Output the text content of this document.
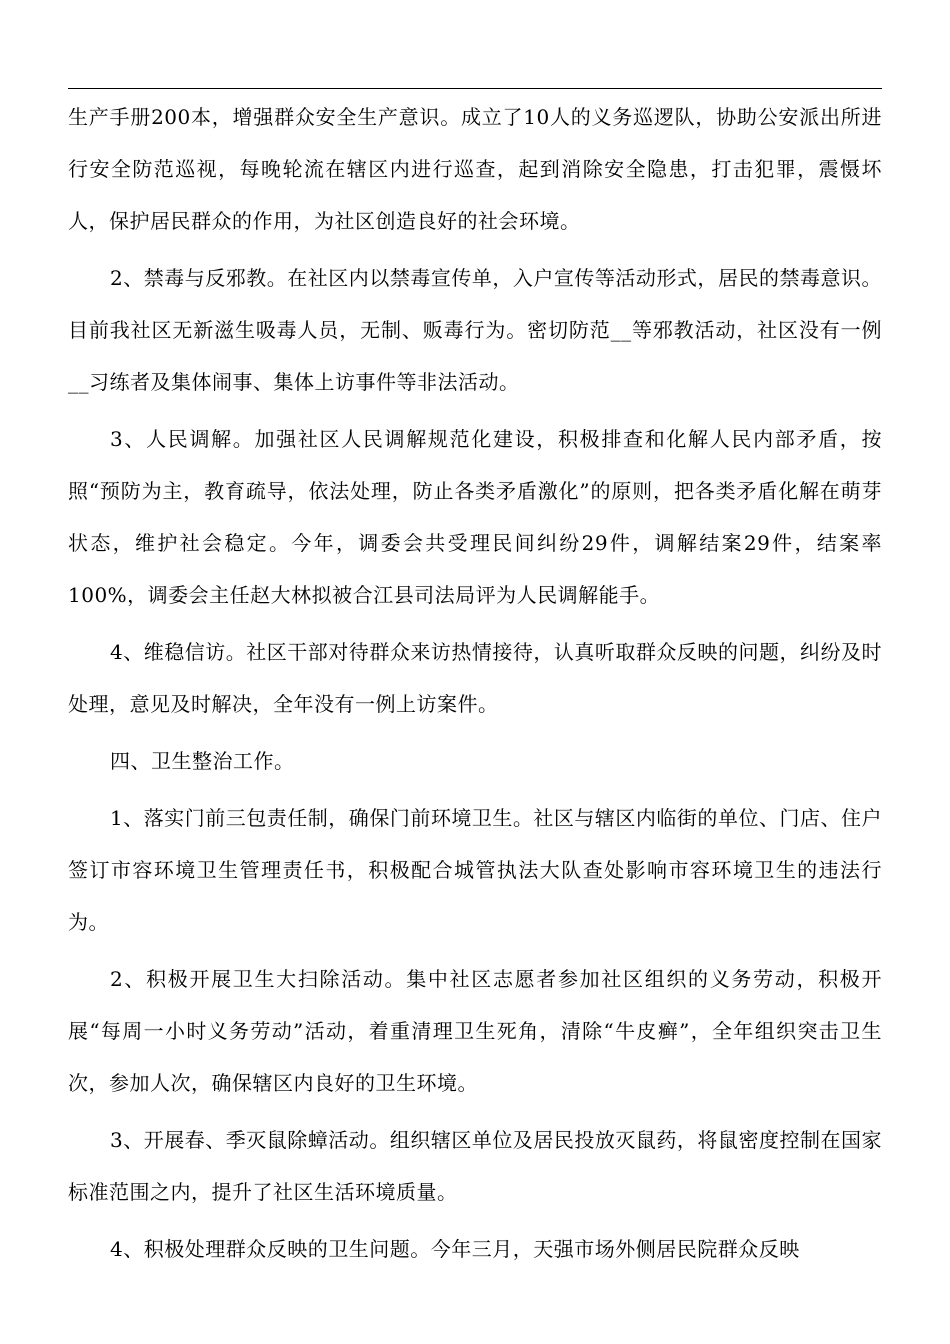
生产手册200本，增强群众安全生产意识。成立了10人的义务巡逻队，协助公安派出所进行安全防范巡视，每晚轮流在辖区内进行巡查，起到消除安全隐患，打击犯罪，震慑坏人，保护居民群众的作用，为社区创造良好的社会环境。

2、禁毒与反邪教。在社区内以禁毒宣传单，入户宣传等活动形式，居民的禁毒意识。目前我社区无新滋生吸毒人员，无制、贩毒行为。密切防范__等邪教活动，社区没有一例__习练者及集体闹事、集体上访事件等非法活动。

3、人民调解。加强社区人民调解规范化建设，积极排查和化解人民内部矛盾，按照“预防为主，教育疏导，依法处理，防止各类矛盾激化”的原则，把各类矛盾化解在萌芽状态，维护社会稳定。今年，调委会共受理民间纠纷29件，调解结案29件，结案率100%，调委会主任赵大林拟被合江县司法局评为人民调解能手。

4、维稳信访。社区干部对待群众来访热情接待，认真听取群众反映的问题，纠纷及时处理，意见及时解决，全年没有一例上访案件。

四、卫生整治工作。

1、落实门前三包责任制，确保门前环境卫生。社区与辖区内临街的单位、门店、住户签订市容环境卫生管理责任书，积极配合城管执法大队查处影响市容环境卫生的违法行为。

2、积极开展卫生大扫除活动。集中社区志愿者参加社区组织的义务劳动，积极开展“每周一小时义务劳动”活动，着重清理卫生死角，清除“牛皮癣”，全年组织突击卫生次，参加人次，确保辖区内良好的卫生环境。

3、开展春、季灭鼠除蟑活动。组织辖区单位及居民投放灭鼠药，将鼠密度控制在国家标准范围之内，提升了社区生活环境质量。

4、积极处理群众反映的卫生问题。今年三月，天强市场外侧居民院群众反映
